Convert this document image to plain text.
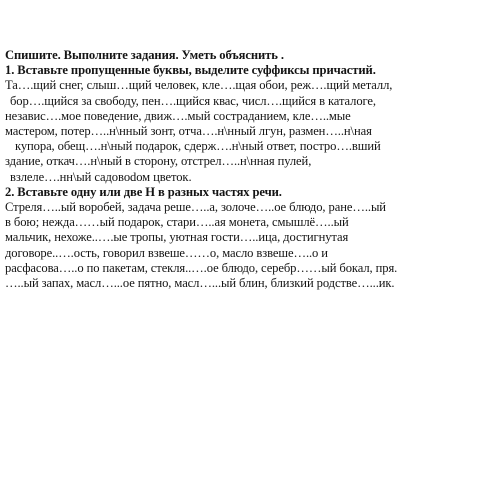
Спишите. Выполните задания. Уметь объяснить .
1. Вставьте пропущенные буквы, выделите суффиксы причастий.
Та….щий снег, слыш…щий человек, кле….щая обои, реж….щий металл,
бор….щийся за свободу, пен….щийся квас, числ….щийся в каталоге,
независ….мое поведение, движ….мый состраданием, кле…..мые
мастером, потер…..н\нный зонт, отча….н\нный лгун, размен…..н\ная
купора, обещ….н\ный подарок, сдерж….н\ный ответ, постро….вший
здание, откач….н\ный в сторону, отстрел…..н\нная пулей,
взлеле….нн\ый садовodом цветок.
2. Вставьте одну или две Н в разных частях речи.
Стреля…..ый воробей, задача реше…..а, золоче…..ое блюдо, ране…..ый
в бою; нежда……ый подарок, стари…..ая монета, смышлё…..ый
мальчик, нехоже..….ые тропы, уютная гости…..ица, достигнутая
договоре..….ость, говорил взвеше……о, масло взвеше…..о и
расфасова…..о по пакетам, стекля..….ое блюдо, серебр……ый бокал, пря.
…..ый запах, масл…...ое пятно, масл…...ый блин, близкий родстве…...ик.
